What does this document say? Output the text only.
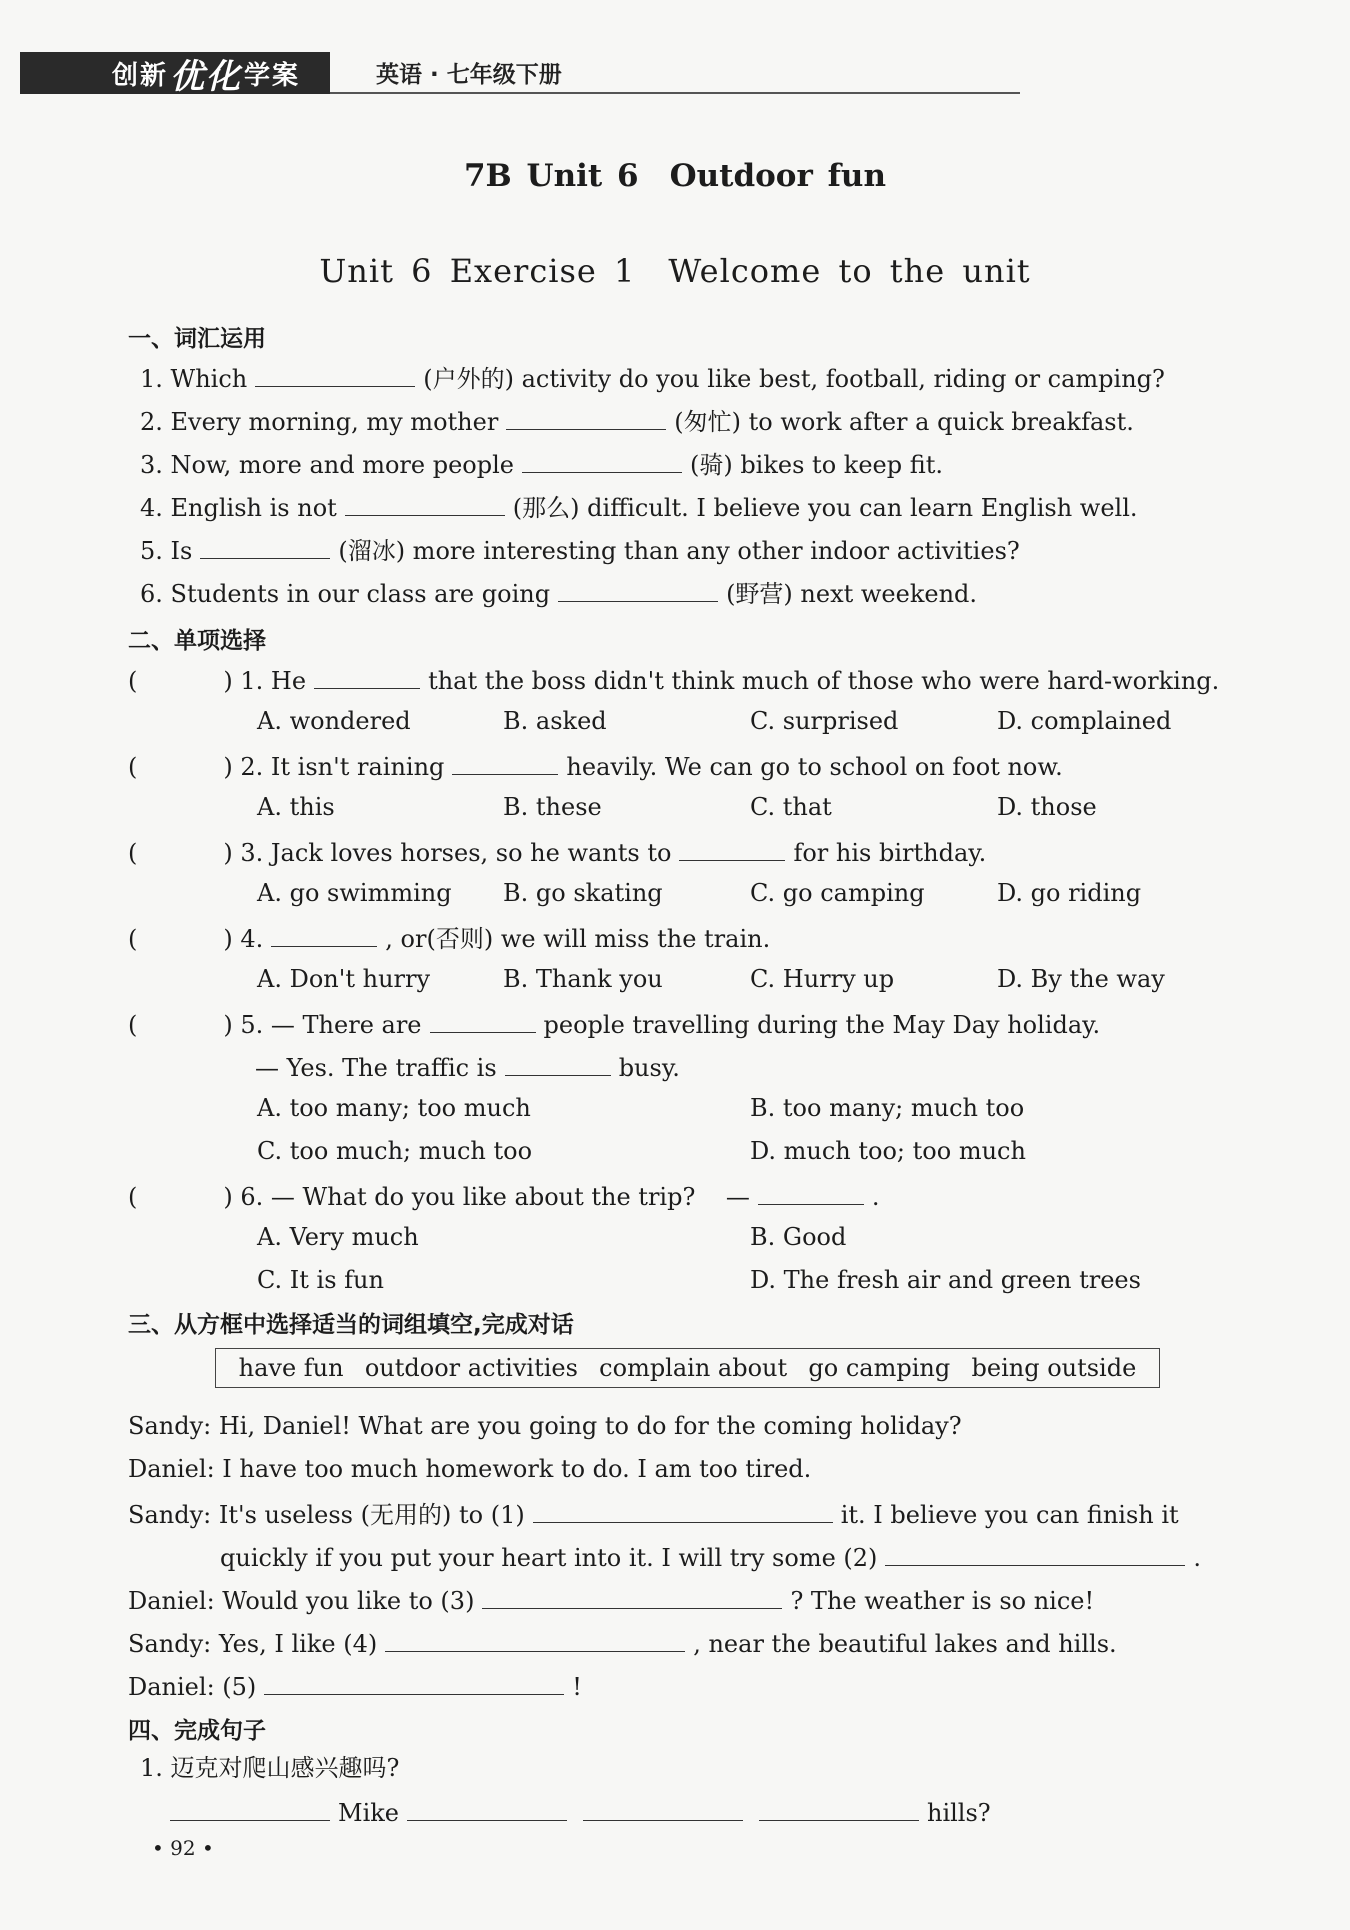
创新 优化 学案	英语 · 七年级下册
7B Unit 6　Outdoor fun
Unit 6 Exercise 1　Welcome to the unit
一、词汇运用
1. Which	(户外的) activity do you like best, football, riding or camping?
2. Every morning, my mother	(匆忙) to work after a quick breakfast.
3. Now, more and more people	(骑) bikes to keep fit.
4. English is not	(那么) difficult. I believe you can learn English well.
5. Is	(溜冰) more interesting than any other indoor activities?
6. Students in our class are going	(野营) next weekend.
二、单项选择
(	) 1. He	that the boss didn't think much of those who were hard-working.
A. wondered	B. asked	C. surprised	D. complained
(	) 2. It isn't raining	heavily. We can go to school on foot now.
A. this	B. these	C. that	D. those
(	) 3. Jack loves horses, so he wants to	for his birthday.
A. go swimming B. go skating	C. go camping	D. go riding
(	) 4.	, or(否则) we will miss the train.
A. Don't hurry	B. Thank you	C. Hurry up	D. By the way
(	) 5. — There are	people travelling during the May Day holiday.
— Yes. The traffic is	busy.
A. too many; too much	B. too many; much too
C. too much; much too	D. much too; too much
(	) 6. — What do you like about the trip? —	.
A. Very much	B. Good
C. It is fun	D. The fresh air and green trees
三、从方框中选择适当的词组填空,完成对话
have fun outdoor activities complain about go camping being outside
Sandy: Hi, Daniel! What are you going to do for the coming holiday?
Daniel: I have too much homework to do. I am too tired.
Sandy: It's useless (无用的) to (1)	it. I believe you can finish it
quickly if you put your heart into it. I will try some (2)	.
Daniel: Would you like to (3)	? The weather is so nice!
Sandy: Yes, I like (4)	, near the beautiful lakes and hills.
Daniel: (5)	!
四、完成句子
1. 迈克对爬山感兴趣吗?
Mike	hills?
• 92 •
